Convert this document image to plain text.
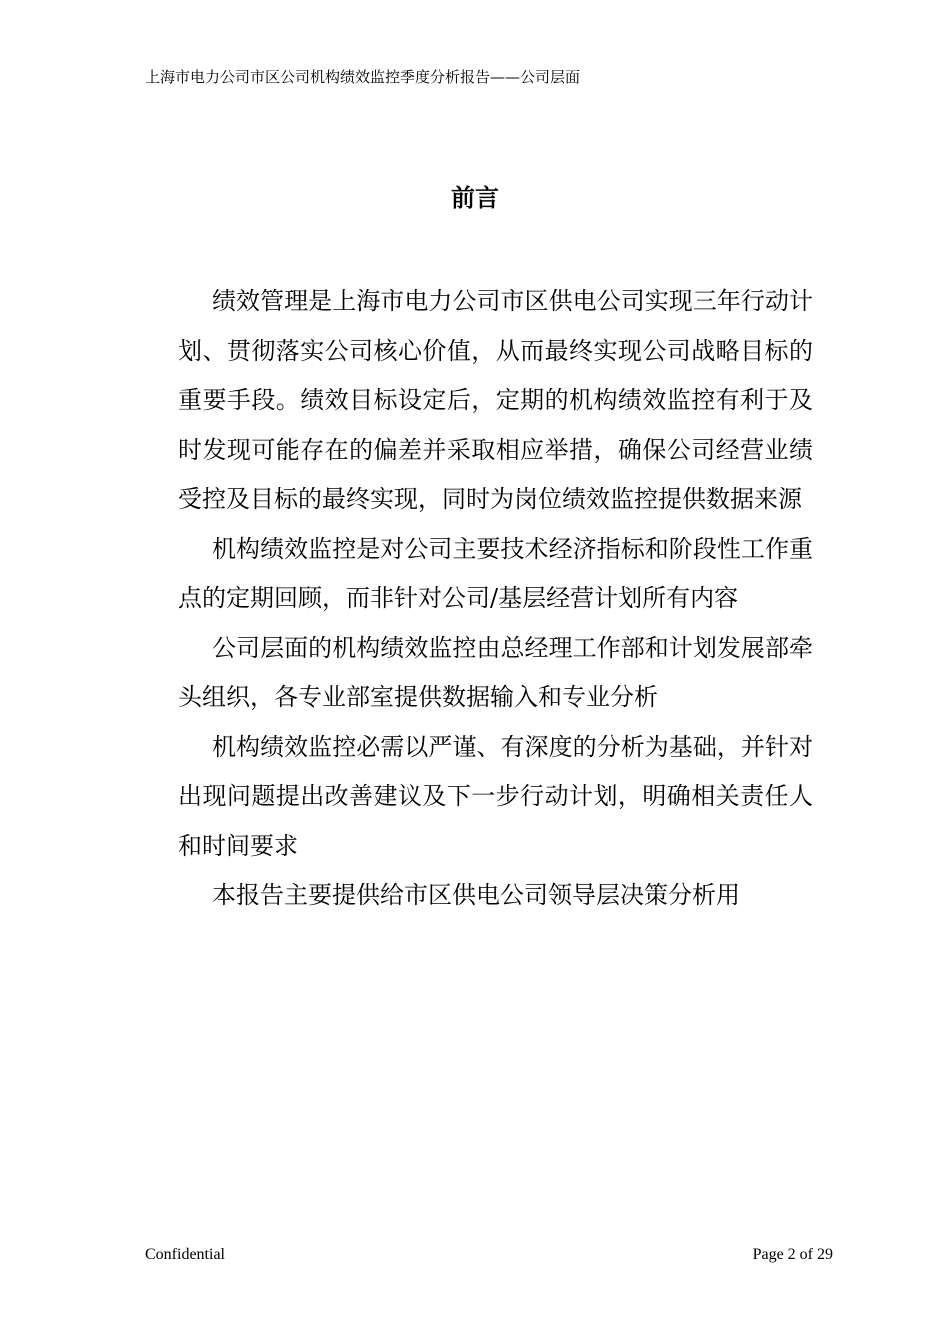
上海市电力公司市区公司机构绩效监控季度分析报告——公司层面
前言

绩效管理是上海市电力公司市区供电公司实现三年行动计划、贯彻落实公司核心价值，从而最终实现公司战略目标的重要手段。绩效目标设定后，定期的机构绩效监控有利于及时发现可能存在的偏差并采取相应举措，确保公司经营业绩受控及目标的最终实现，同时为岗位绩效监控提供数据来源

机构绩效监控是对公司主要技术经济指标和阶段性工作重点的定期回顾，而非针对公司/基层经营计划所有内容

公司层面的机构绩效监控由总经理工作部和计划发展部牵头组织，各专业部室提供数据输入和专业分析

机构绩效监控必需以严谨、有深度的分析为基础，并针对出现问题提出改善建议及下一步行动计划，明确相关责任人和时间要求

本报告主要提供给市区供电公司领导层决策分析用

Confidential	Page 2 of 29
